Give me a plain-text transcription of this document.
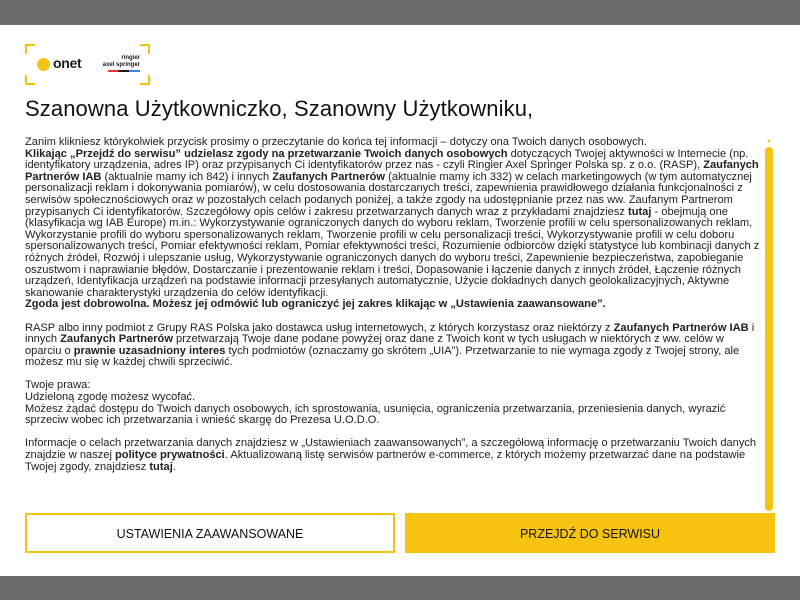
onet	ringier
axel springer
Szanowna Użytkowniczko, Szanowny Użytkowniku,

Zanim klikniesz którykolwiek przycisk prosimy o przeczytanie do końca tej informacji – dotyczy ona Twoich danych osobowych.
Klikając „Przejdź do serwisu” udzielasz zgody na przetwarzanie Twoich danych osobowych dotyczących Twojej aktywności w Internecie (np. identyfikatory urządzenia, adres IP) oraz przypisanych Ci identyfikatorów przez nas - czyli Ringier Axel Springer Polska sp. z o.o. (RASP), Zaufanych Partnerów IAB (aktualnie mamy ich 842) i innych Zaufanych Partnerów (aktualnie mamy ich 332) w celach marketingowych (w tym automatycznej personalizacji reklam i dokonywania pomiarów), w celu dostosowania dostarczanych treści, zapewnienia prawidłowego działania funkcjonalności z serwisów społecznościowych oraz w pozostałych celach podanych poniżej, a także zgody na udostępnianie przez nas ww. Zaufanym Partnerom przypisanych Ci identyfikatorów. Szczegółowy opis celów i zakresu przetwarzanych danych wraz z przykładami znajdziesz tutaj - obejmują one (klasyfikacja wg IAB Europe) m.in.: Wykorzystywanie ograniczonych danych do wyboru reklam, Tworzenie profili w celu spersonalizowanych reklam, Wykorzystanie profili do wyboru spersonalizowanych reklam, Tworzenie profili w celu personalizacji treści, Wykorzystywanie profili w celu doboru spersonalizowanych treści, Pomiar efektywności reklam, Pomiar efektywności treści, Rozumienie odbiorców dzięki statystyce lub kombinacji danych z różnych źródeł, Rozwój i ulepszanie usług, Wykorzystywanie ograniczonych danych do wyboru treści, Zapewnienie bezpieczeństwa, zapobieganie oszustwom i naprawianie błędów, Dostarczanie i prezentowanie reklam i treści, Dopasowanie i łączenie danych z innych źródeł, Łączenie różnych urządzeń, Identyfikacja urządzeń na podstawie informacji przesyłanych automatycznie, Użycie dokładnych danych geolokalizacyjnych, Aktywne skanowanie charakterystyki urządzenia do celów identyfikacji.
Zgoda jest dobrowolna. Możesz jej odmówić lub ograniczyć jej zakres klikając w „Ustawienia zaawansowane”.

RASP albo inny podmiot z Grupy RAS Polska jako dostawca usług internetowych, z których korzystasz oraz niektórzy z Zaufanych Partnerów IAB i innych Zaufanych Partnerów przetwarzają Twoje dane podane powyżej oraz dane z Twoich kont w tych usługach w niektórych z ww. celów w oparciu o prawnie uzasadniony interes tych podmiotów (oznaczamy go skrótem „UIA”). Przetwarzanie to nie wymaga zgody z Twojej strony, ale możesz mu się w każdej chwili sprzeciwić.

Twoje prawa:
Udzieloną zgodę możesz wycofać.
Możesz żądać dostępu do Twoich danych osobowych, ich sprostowania, usunięcia, ograniczenia przetwarzania, przeniesienia danych, wyrazić sprzeciw wobec ich przetwarzania i wnieść skargę do Prezesa U.O.D.O.

Informacje o celach przetwarzania danych znajdziesz w „Ustawieniach zaawansowanych”, a szczegółową informację o przetwarzaniu Twoich danych znajdzie w naszej polityce prywatności. Aktualizowaną listę serwisów partnerów e-commerce, z których możemy przetwarzać dane na podstawie Twojej zgody, znajdziesz tutaj.

▲
USTAWIENIA ZAAWANSOWANE	PRZEJDŹ DO SERWISU
